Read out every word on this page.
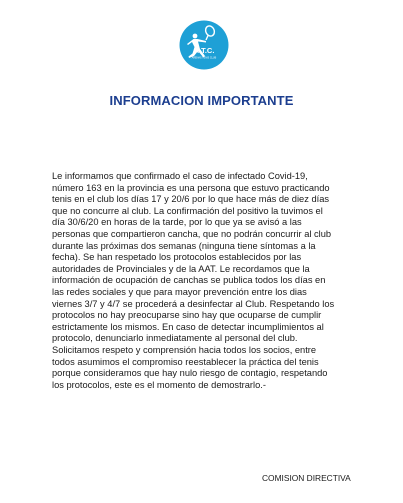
A.T.C.
ARENAS TENIS CLUB
INFORMACION IMPORTANTE
Le informamos que confirmado el caso de infectado Covid-19,
número 163 en la provincia es una persona que estuvo practicando
tenis en el club los días 17 y 20/6 por lo que hace más de diez días
que no concurre al club. La confirmación del positivo la tuvimos el
día 30/6/20 en horas de la tarde, por lo que ya se avisó a las
personas que compartieron cancha, que no podrán concurrir al club
durante las próximas dos semanas (ninguna tiene síntomas a la
fecha). Se han respetado los protocolos establecidos por las
autoridades de Provinciales y de la AAT. Le recordamos que la
información de ocupación de canchas se publica todos los días en
las redes sociales y que para mayor prevención entre los dias
viernes 3/7 y 4/7 se procederá a desinfectar al Club. Respetando los
protocolos no hay preocuparse sino hay que ocuparse de cumplir
estrictamente los mismos. En caso de detectar incumplimientos al
protocolo, denunciarlo inmediatamente al personal del club.
Solicitamos respeto y comprensión hacia todos los socios, entre
todos asumimos el compromiso reestablecer la práctica del tenis
porque consideramos que hay nulo riesgo de contagio, respetando
los protocolos, este es el momento de demostrarlo.-
COMISION DIRECTIVA
